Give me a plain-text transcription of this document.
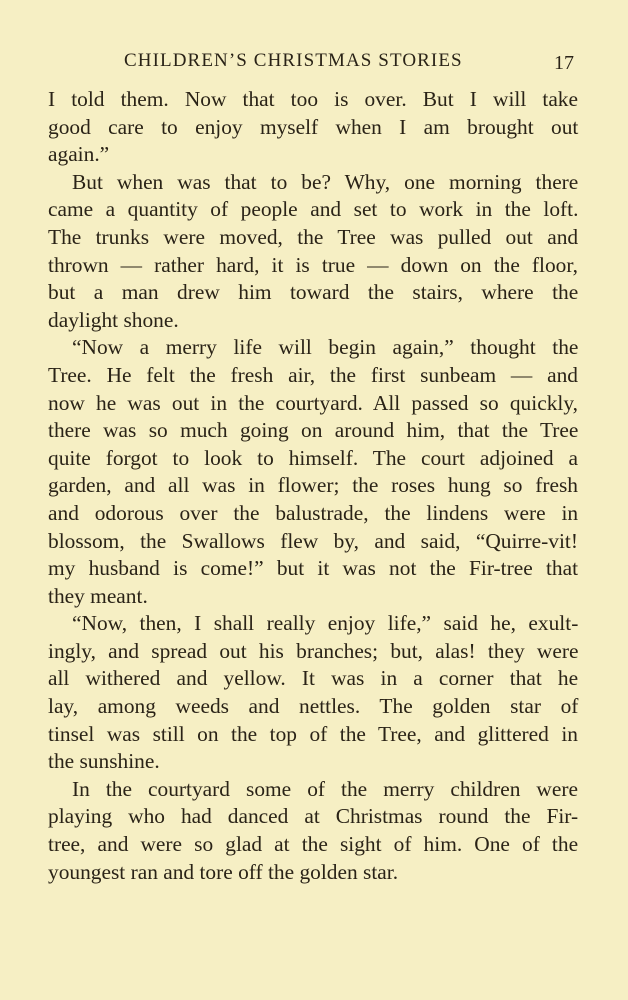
CHILDREN’S CHRISTMAS STORIES	17

I told them. Now that too is over. But I will take
good care to enjoy myself when I am brought out
again.”

But when was that to be? Why, one morning there
came a quantity of people and set to work in the loft.
The trunks were moved, the Tree was pulled out and
thrown — rather hard, it is true — down on the floor,
but a man drew him toward the stairs, where the
daylight shone.

“Now a merry life will begin again,” thought the
Tree. He felt the fresh air, the first sunbeam — and
now he was out in the courtyard. All passed so quickly,
there was so much going on around him, that the Tree
quite forgot to look to himself. The court adjoined a
garden, and all was in flower; the roses hung so fresh
and odorous over the balustrade, the lindens were in
blossom, the Swallows flew by, and said, “Quirre-vit!
my husband is come!” but it was not the Fir-tree that
they meant.

“Now, then, I shall really enjoy life,” said he, exult-
ingly, and spread out his branches; but, alas! they were
all withered and yellow. It was in a corner that he
lay, among weeds and nettles. The golden star of
tinsel was still on the top of the Tree, and glittered in
the sunshine.

In the courtyard some of the merry children were
playing who had danced at Christmas round the Fir-
tree, and were so glad at the sight of him. One of the
youngest ran and tore off the golden star.
